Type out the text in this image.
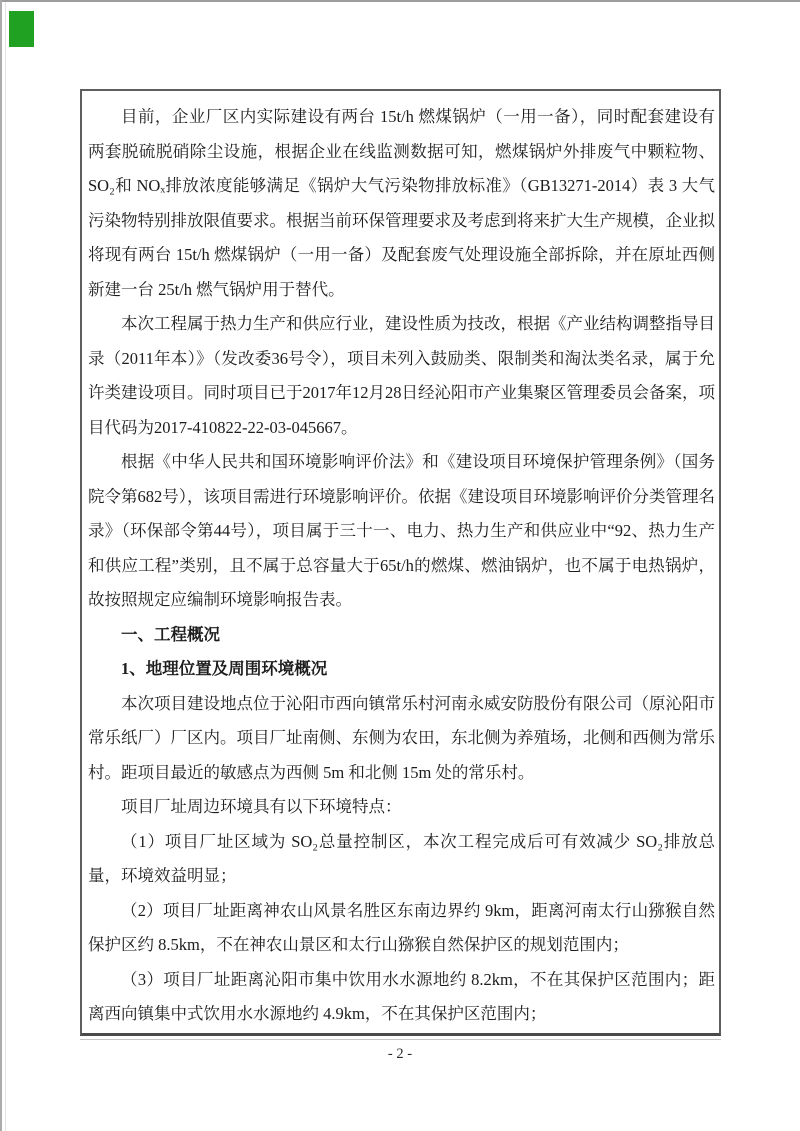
目前，企业厂区内实际建设有两台 15t/h 燃煤锅炉（一用一备），同时配套建设有两套脱硫脱硝除尘设施，根据企业在线监测数据可知，燃煤锅炉外排废气中颗粒物、SO₂和 NOₓ排放浓度能够满足《锅炉大气污染物排放标准》（GB13271-2014）表 3 大气污染物特别排放限值要求。根据当前环保管理要求及考虑到将来扩大生产规模，企业拟将现有两台 15t/h 燃煤锅炉（一用一备）及配套废气处理设施全部拆除，并在原址西侧新建一台 25t/h 燃气锅炉用于替代。

本次工程属于热力生产和供应行业，建设性质为技改，根据《产业结构调整指导目录（2011年本）》（发改委36号令），项目未列入鼓励类、限制类和淘汰类名录，属于允许类建设项目。同时项目已于2017年12月28日经沁阳市产业集聚区管理委员会备案，项目代码为2017-410822-22-03-045667。

根据《中华人民共和国环境影响评价法》和《建设项目环境保护管理条例》（国务院令第682号），该项目需进行环境影响评价。依据《建设项目环境影响评价分类管理名录》（环保部令第44号），项目属于三十一、电力、热力生产和供应业中“92、热力生产和供应工程”类别，且不属于总容量大于65t/h的燃煤、燃油锅炉，也不属于电热锅炉，故按照规定应编制环境影响报告表。

一、工程概况
1、地理位置及周围环境概况

本次项目建设地点位于沁阳市西向镇常乐村河南永威安防股份有限公司（原沁阳市常乐纸厂）厂区内。项目厂址南侧、东侧为农田，东北侧为养殖场，北侧和西侧为常乐村。距项目最近的敏感点为西侧 5m 和北侧 15m 处的常乐村。

项目厂址周边环境具有以下环境特点：

（1）项目厂址区域为 SO₂总量控制区，本次工程完成后可有效减少 SO₂排放总量，环境效益明显；

（2）项目厂址距离神农山风景名胜区东南边界约 9km，距离河南太行山猕猴自然保护区约 8.5km，不在神农山景区和太行山猕猴自然保护区的规划范围内；

（3）项目厂址距离沁阳市集中饮用水水源地约 8.2km，不在其保护区范围内；距离西向镇集中式饮用水水源地约 4.9km，不在其保护区范围内；

- 2 -
